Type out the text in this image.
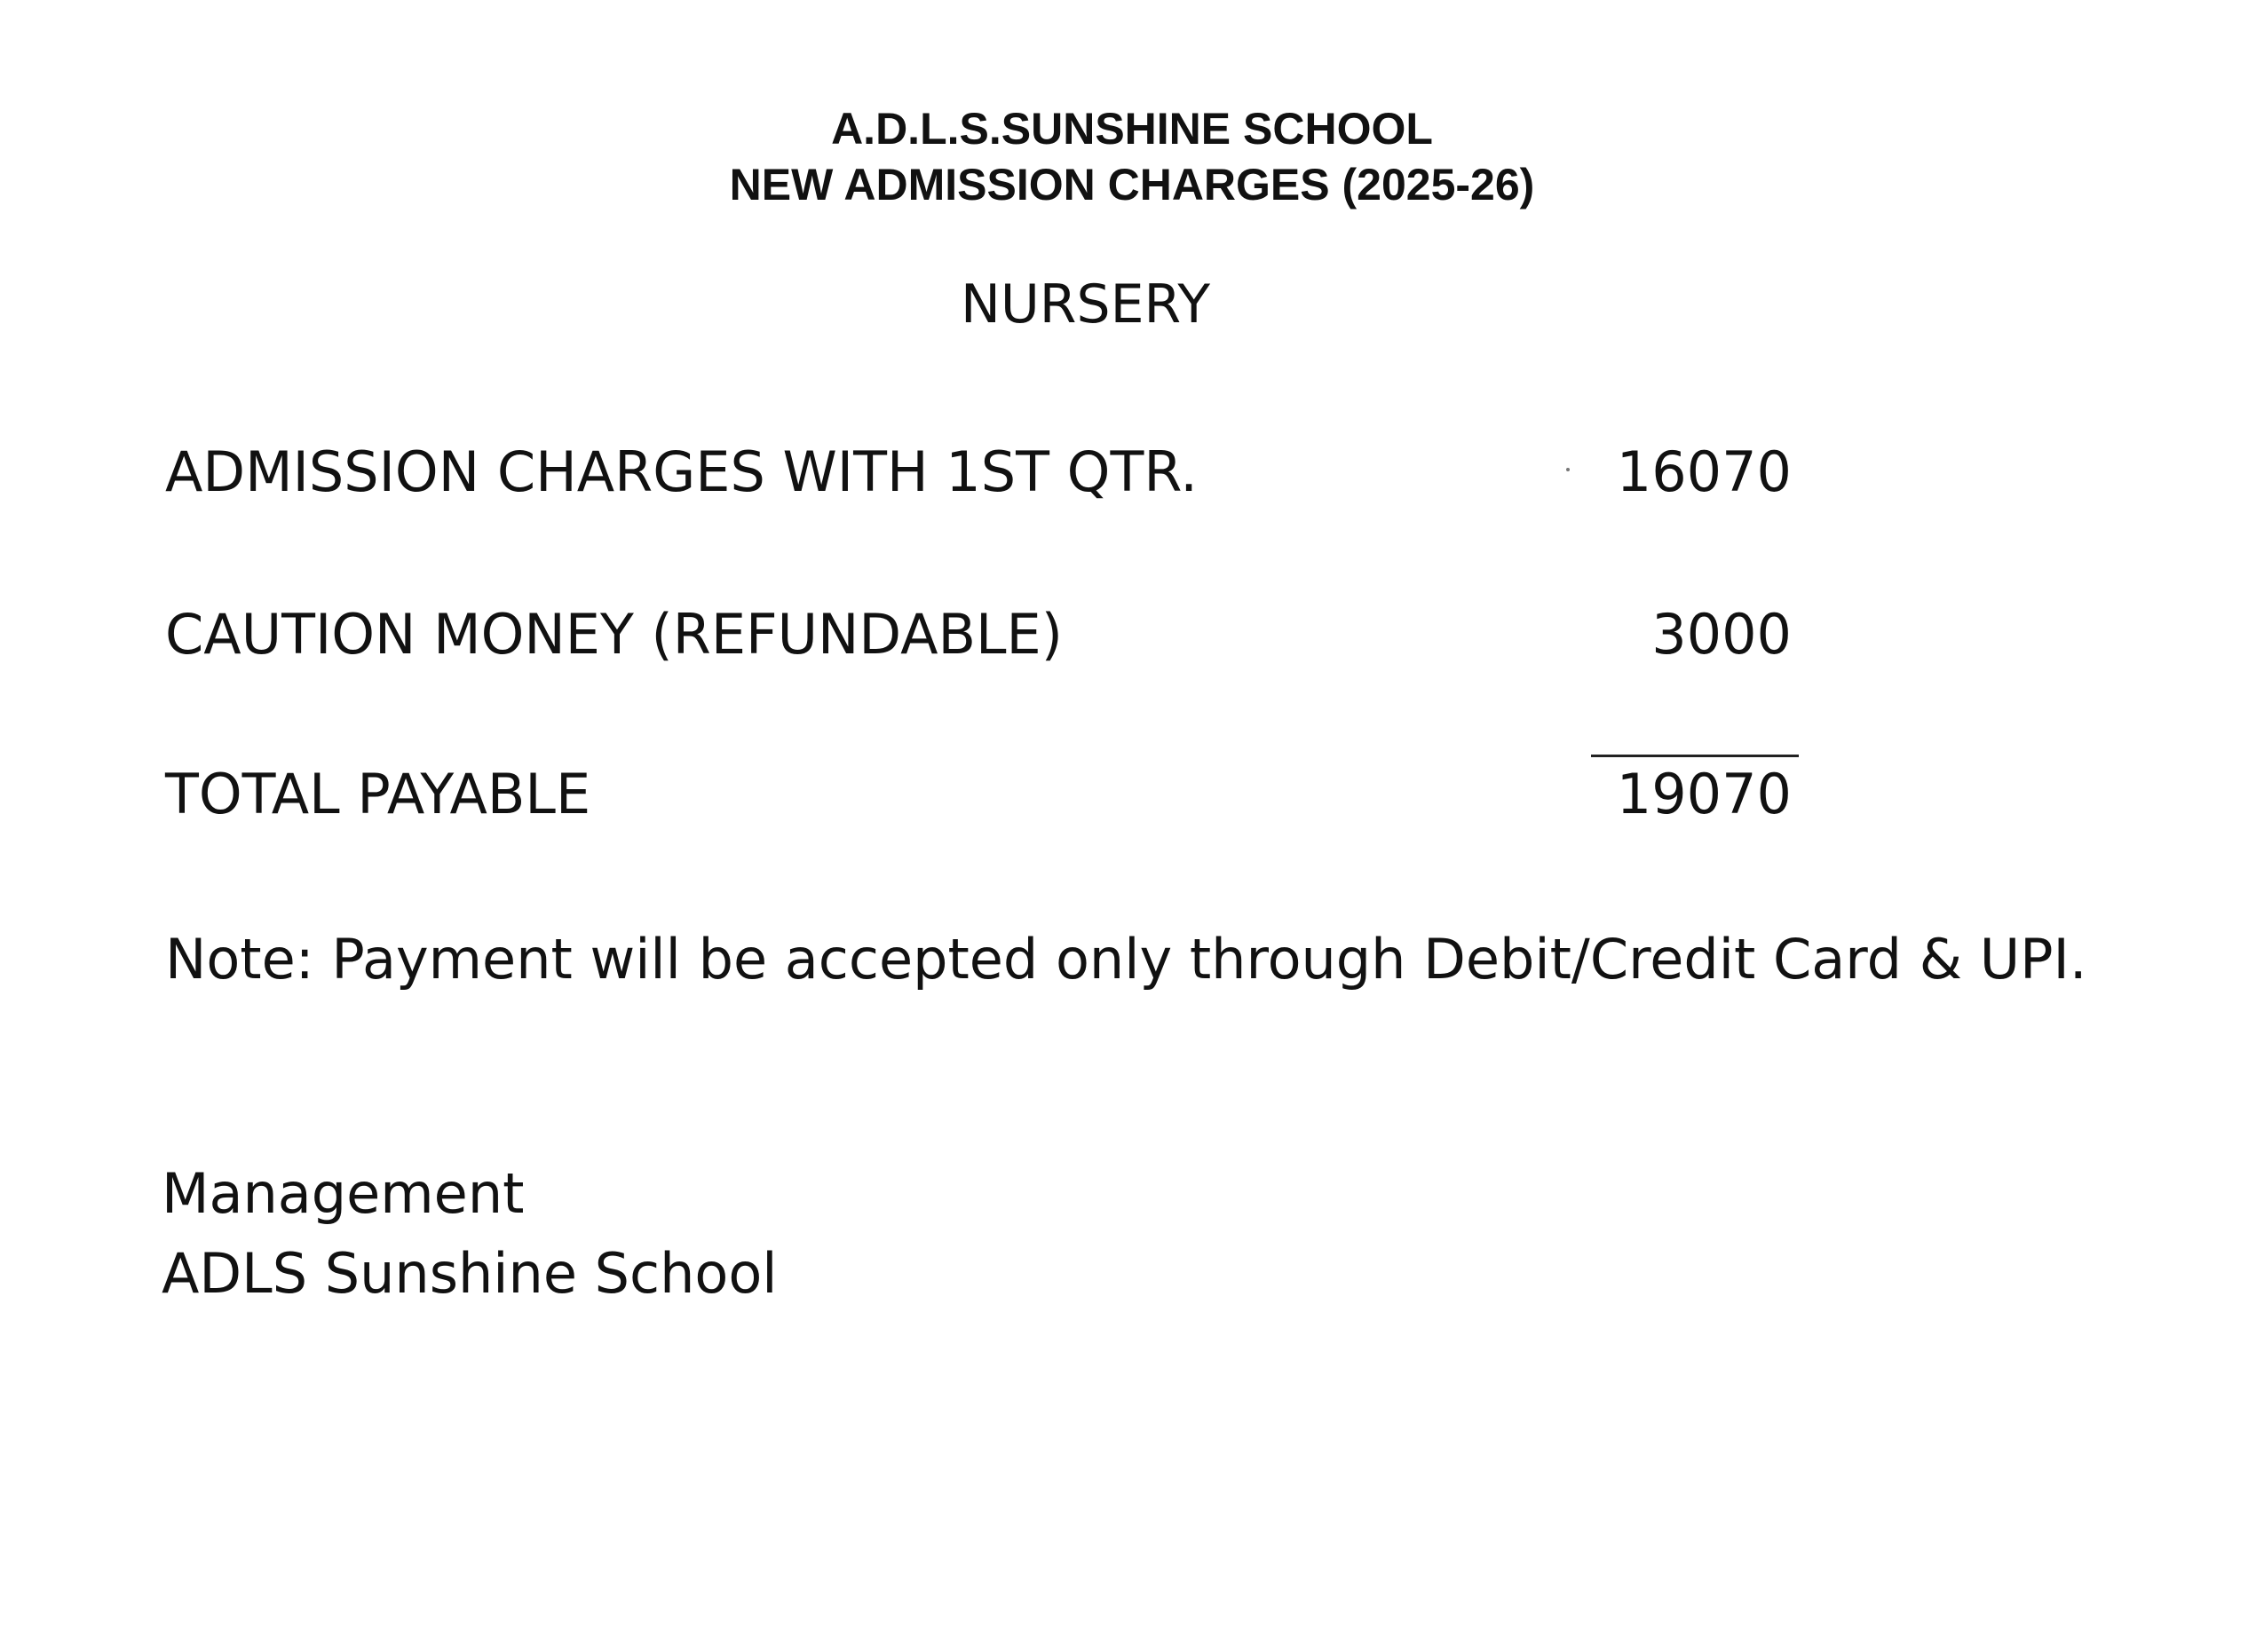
A.D.L.S.SUNSHINE SCHOOL
NEW ADMISSION CHARGES (2025-26)
NURSERY
ADMISSION CHARGES WITH 1ST QTR.	16070
CAUTION MONEY (REFUNDABLE)	3000
TOTAL PAYABLE	19070
Note: Payment will be accepted only through Debit/Credit Card & UPI.
Management
ADLS Sunshine School
